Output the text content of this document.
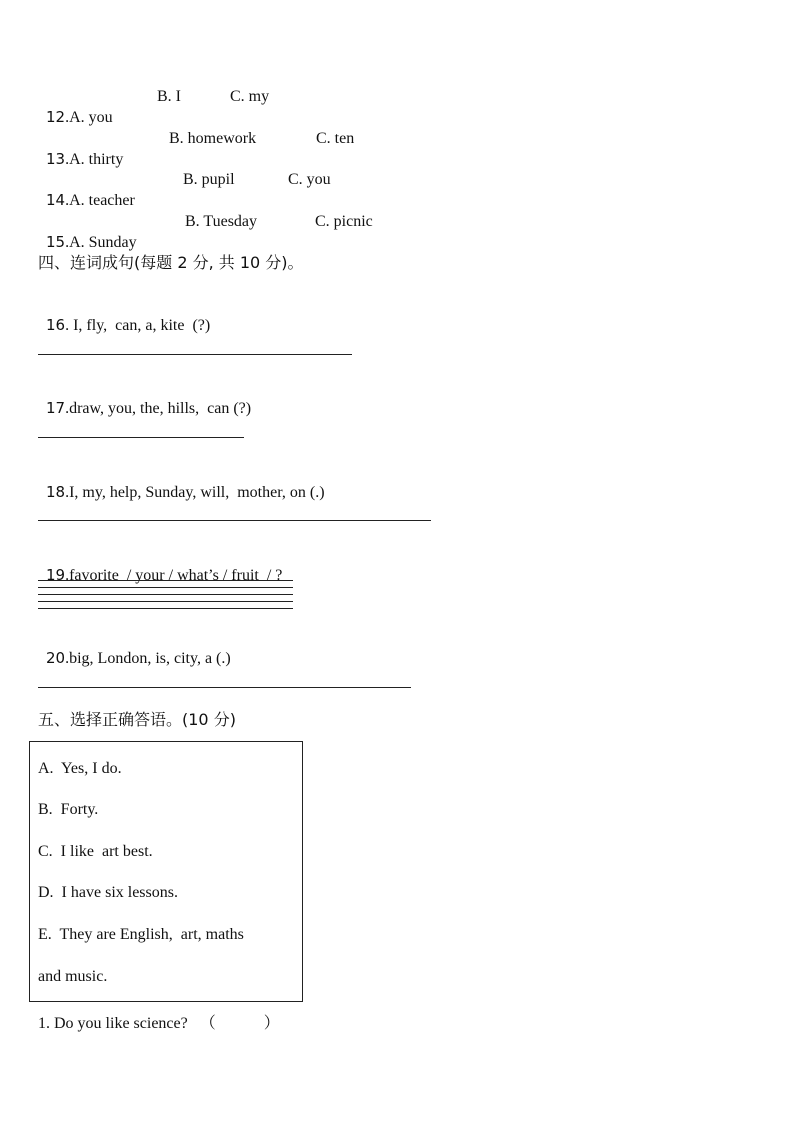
12.A. you

B. I	C. my

13.A. thirty

B. homework	C. ten

14.A. teacher

B. pupil	C. you

15.A. Sunday

B. Tuesday	C. picnic
四、连词成句(每题 2 分, 共 10 分)。

16. I, fly,  can, a, kite  (?)

17.draw, you, the, hills,  can (?)

18.I, my, help, Sunday, will,  mother, on (.)

19.favorite  / your / what’s / fruit  / ?

20.big, London, is, city, a (.)

五、选择正确答语。(10 分)
A.  Yes, I do.
B.  Forty.
C.  I like  art best.
D.  I have six lessons.
E.  They are English,  art, maths
and music.
1. Do you like science?   （            ）
